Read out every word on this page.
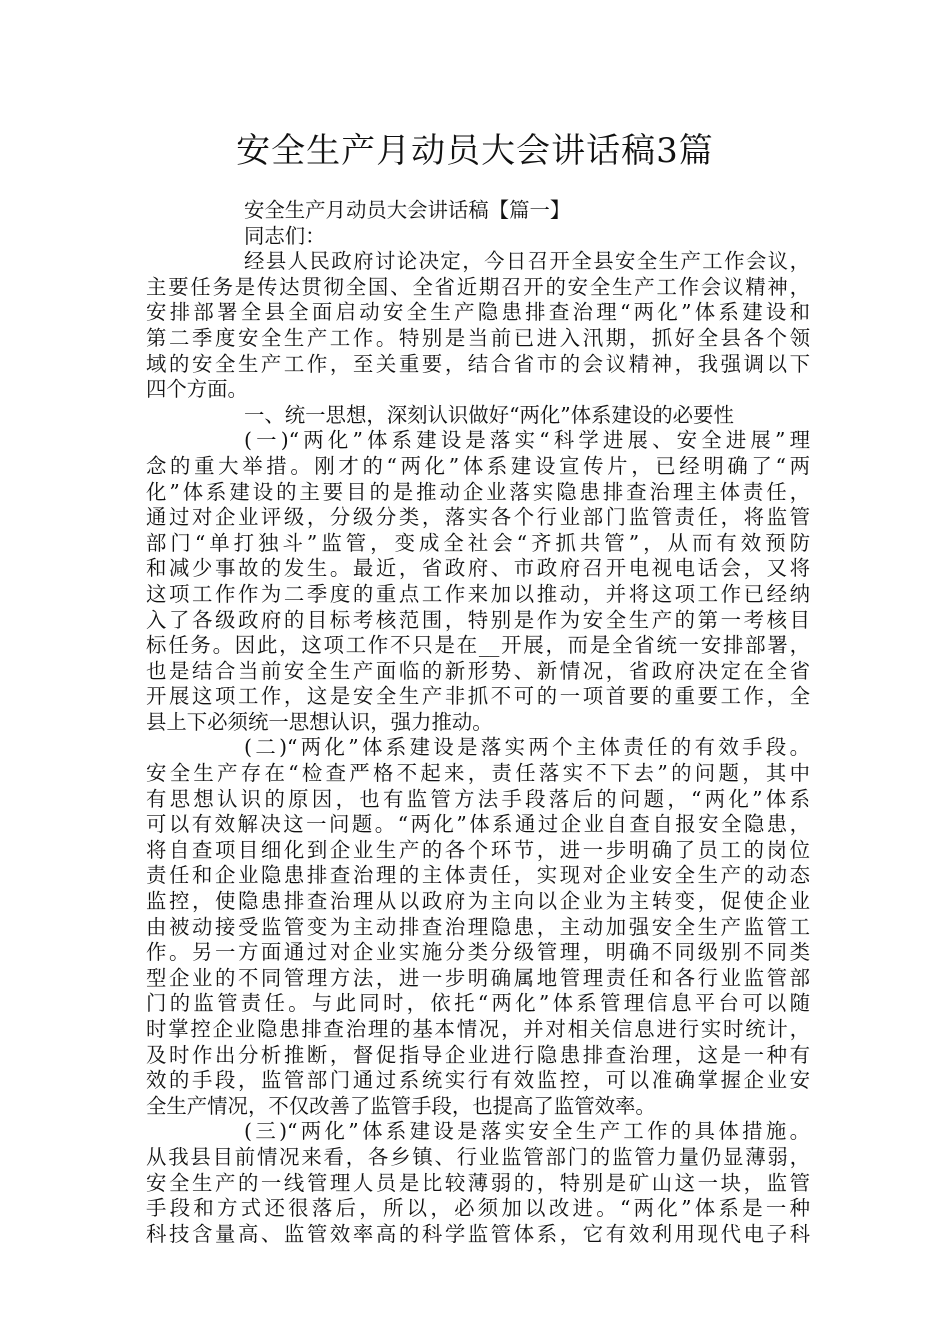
安全生产月动员大会讲话稿3篇
安全生产月动员大会讲话稿【篇一】
同志们：
经县人民政府讨论决定，今日召开全县安全生产工作会议，
主要任务是传达贯彻全国、全省近期召开的安全生产工作会议精神，
安排部署全县全面启动安全生产隐患排查治理“两化”体系建设和
第二季度安全生产工作。特别是当前已进入汛期，抓好全县各个领
域的安全生产工作，至关重要，结合省市的会议精神，我强调以下
四个方面。
一、统一思想，深刻认识做好“两化”体系建设的必要性
(一)“两化”体系建设是落实“科学进展、安全进展”理
念的重大举措。刚才的“两化”体系建设宣传片，已经明确了“两
化”体系建设的主要目的是推动企业落实隐患排查治理主体责任，
通过对企业评级，分级分类，落实各个行业部门监管责任，将监管
部门“单打独斗”监管，变成全社会“齐抓共管”，从而有效预防
和减少事故的发生。最近，省政府、市政府召开电视电话会，又将
这项工作作为二季度的重点工作来加以推动，并将这项工作已经纳
入了各级政府的目标考核范围，特别是作为安全生产的第一考核目
标任务。因此，这项工作不只是在__开展，而是全省统一安排部署，
也是结合当前安全生产面临的新形势、新情况，省政府决定在全省
开展这项工作，这是安全生产非抓不可的一项首要的重要工作，全
县上下必须统一思想认识，强力推动。
(二)“两化”体系建设是落实两个主体责任的有效手段。
安全生产存在“检查严格不起来，责任落实不下去”的问题，其中
有思想认识的原因，也有监管方法手段落后的问题，“两化”体系
可以有效解决这一问题。“两化”体系通过企业自查自报安全隐患，
将自查项目细化到企业生产的各个环节，进一步明确了员工的岗位
责任和企业隐患排查治理的主体责任，实现对企业安全生产的动态
监控，使隐患排查治理从以政府为主向以企业为主转变，促使企业
由被动接受监管变为主动排查治理隐患，主动加强安全生产监管工
作。另一方面通过对企业实施分类分级管理，明确不同级别不同类
型企业的不同管理方法，进一步明确属地管理责任和各行业监管部
门的监管责任。与此同时，依托“两化”体系管理信息平台可以随
时掌控企业隐患排查治理的基本情况，并对相关信息进行实时统计，
及时作出分析推断，督促指导企业进行隐患排查治理，这是一种有
效的手段，监管部门通过系统实行有效监控，可以准确掌握企业安
全生产情况，不仅改善了监管手段，也提高了监管效率。
(三)“两化”体系建设是落实安全生产工作的具体措施。
从我县目前情况来看，各乡镇、行业监管部门的监管力量仍显薄弱，
安全生产的一线管理人员是比较薄弱的，特别是矿山这一块，监管
手段和方式还很落后，所以，必须加以改进。“两化”体系是一种
科技含量高、监管效率高的科学监管体系，它有效利用现代电子科
